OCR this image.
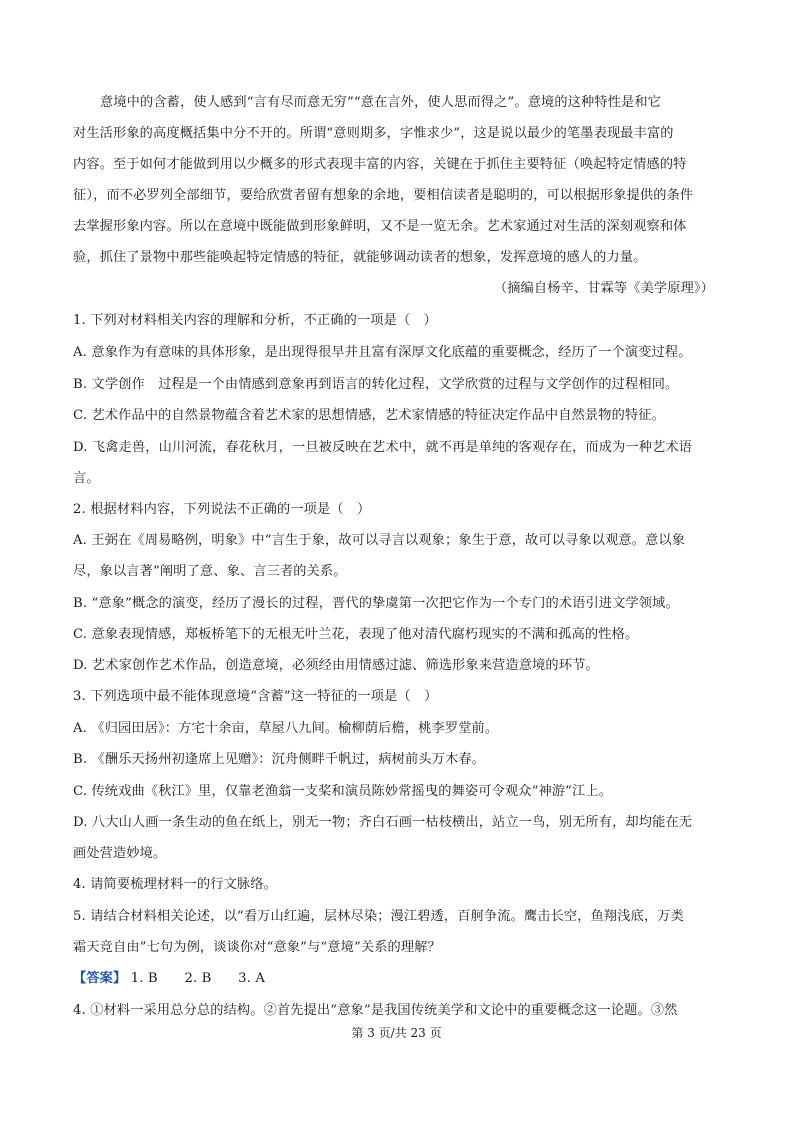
意境中的含蓄，使人感到“言有尽而意无穷”“意在言外，使人思而得之”。意境的这种特性是和它
对生活形象的高度概括集中分不开的。所谓“意则期多，字惟求少”，这是说以最少的笔墨表现最丰富的
内容。至于如何才能做到用以少概多的形式表现丰富的内容，关键在于抓住主要特征（唤起特定情感的特
征），而不必罗列全部细节，要给欣赏者留有想象的余地，要相信读者是聪明的，可以根据形象提供的条件
去掌握形象内容。所以在意境中既能做到形象鲜明，又不是一览无余。艺术家通过对生活的深刻观察和体
验，抓住了景物中那些能唤起特定情感的特征，就能够调动读者的想象，发挥意境的感人的力量。
（摘编自杨辛、甘霖等《美学原理》）
1. 下列对材料相关内容的理解和分析，不正确的一项是（　）
A. 意象作为有意味的具体形象，是出现得很早并且富有深厚文化底蕴的重要概念，经历了一个演变过程。
B. 文学创作　过程是一个由情感到意象再到语言的转化过程，文学欣赏的过程与文学创作的过程相同。
C. 艺术作品中的自然景物蕴含着艺术家的思想情感，艺术家情感的特征决定作品中自然景物的特征。
D. 飞禽走兽，山川河流，春花秋月，一旦被反映在艺术中，就不再是单纯的客观存在，而成为一种艺术语
言。
2. 根据材料内容，下列说法不正确的一项是（　）
A. 王弼在《周易略例，明象》中“言生于象，故可以寻言以观象；象生于意，故可以寻象以观意。意以象
尽，象以言著”阐明了意、象、言三者的关系。
B. “意象”概念的演变，经历了漫长的过程，晋代的挚虞第一次把它作为一个专门的术语引进文学领域。
C. 意象表现情感，郑板桥笔下的无根无叶兰花，表现了他对清代腐朽现实的不满和孤高的性格。
D. 艺术家创作艺术作品，创造意境，必须经由用情感过滤、筛选形象来营造意境的环节。
3. 下列选项中最不能体现意境“含蓄”这一特征的一项是（　）
A. 《归园田居》：方宅十余亩，草屋八九间。榆柳荫后檐，桃李罗堂前。
B. 《酬乐天扬州初逢席上见赠》：沉舟侧畔千帆过，病树前头万木春。
C. 传统戏曲《秋江》里，仅靠老渔翁一支桨和演员陈妙常摇曳的舞姿可令观众“神游”江上。
D. 八大山人画一条生动的鱼在纸上，别无一物；齐白石画一枯枝横出，站立一鸟，别无所有，却均能在无
画处营造妙境。
4. 请简要梳理材料一的行文脉络。
5. 请结合材料相关论述，以“看万山红遍，层林尽染；漫江碧透，百舸争流。鹰击长空，鱼翔浅底，万类
霜天竞自由”七句为例，谈谈你对“意象”与“意境”关系的理解？
【答案】 1. B　　2. B　　3. A
4. ①材料一采用总分总的结构。②首先提出“意象”是我国传统美学和文论中的重要概念这一论题。③然
第 3 页/共 23 页
